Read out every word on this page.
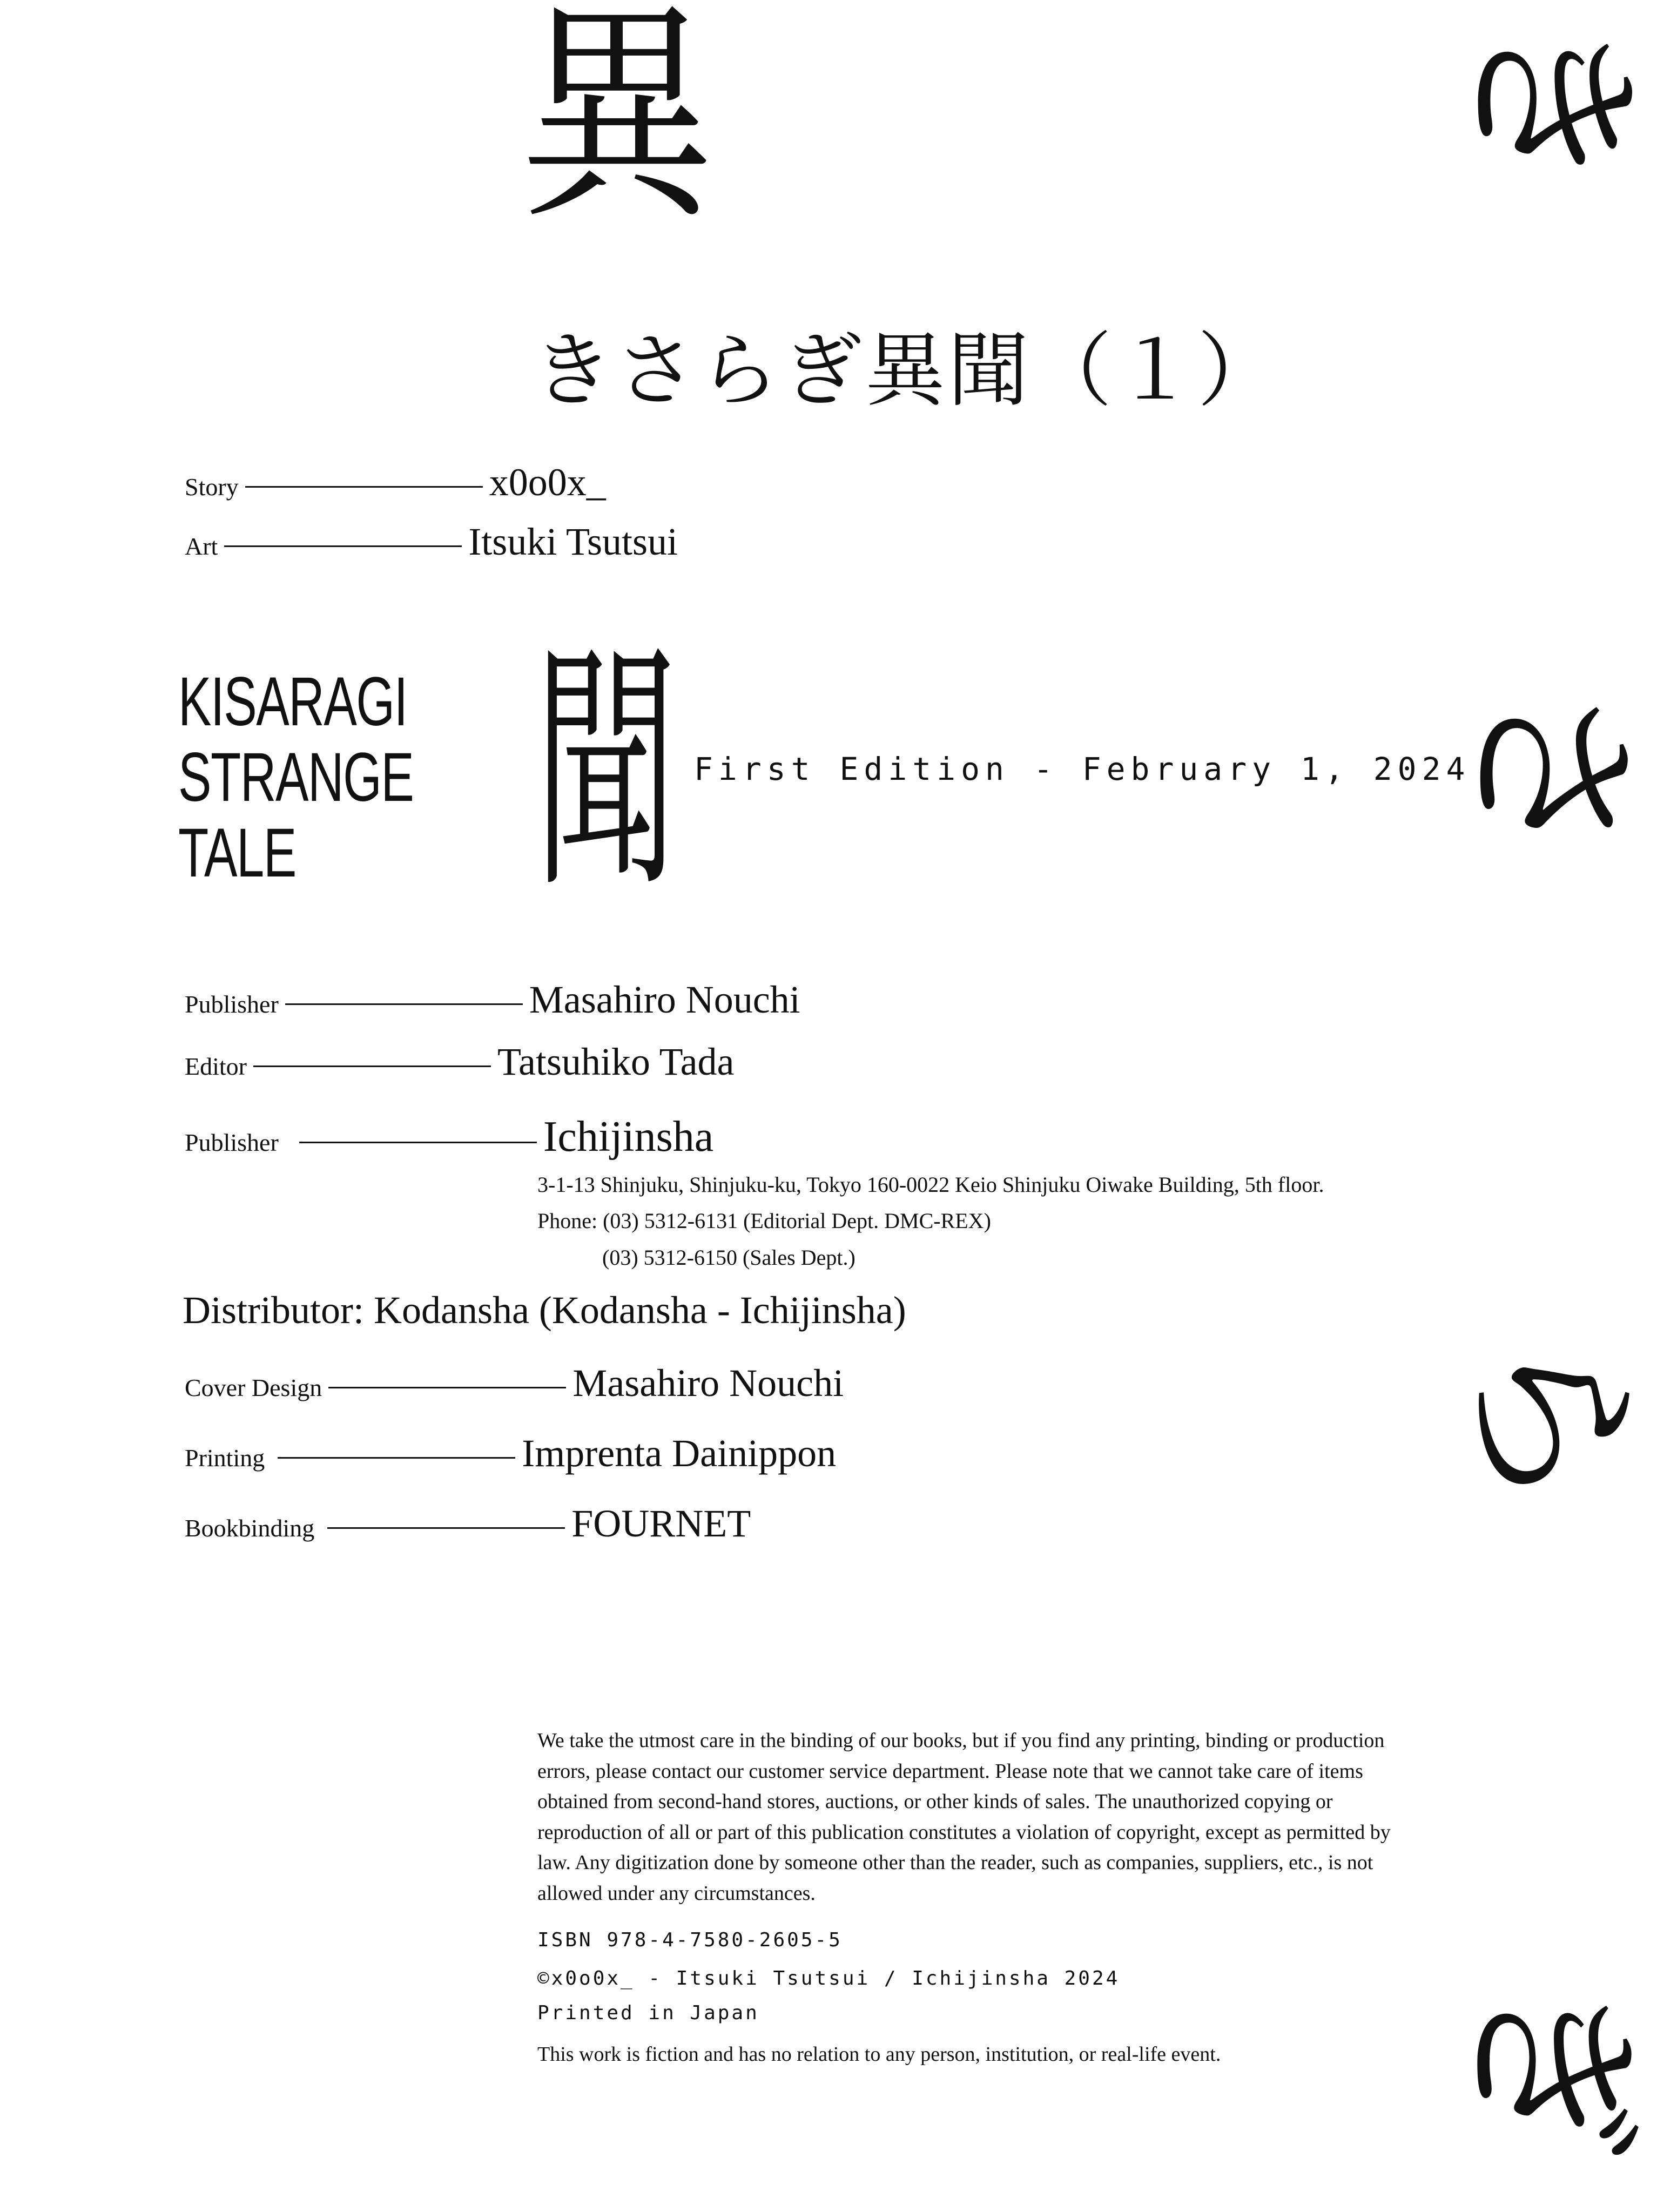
異
聞
き
さ
ら
ぎ
きさらぎ異聞（１）
Story	x0o0x_
Art	Itsuki Tsutsui
KISARAGI
STRANGE
TALE
First Edition - February 1, 2024
Publisher	Masahiro Nouchi
Editor	Tatsuhiko Tada
Publisher	Ichijinsha
3-1-13 Shinjuku, Shinjuku-ku, Tokyo 160-0022 Keio Shinjuku Oiwake Building, 5th floor.
Phone: (03) 5312-6131 (Editorial Dept. DMC-REX)
(03) 5312-6150 (Sales Dept.)
Distributor: Kodansha (Kodansha - Ichijinsha)
Cover Design	Masahiro Nouchi
Printing	Imprenta Dainippon
Bookbinding	FOURNET
We take the utmost care in the binding of our books, but if you find any printing, binding or production errors, please contact our customer service department. Please note that we cannot take care of items obtained from second-hand stores, auctions, or other kinds of sales. The unauthorized copying or reproduction of all or part of this publication constitutes a violation of copyright, except as permitted by law. Any digitization done by someone other than the reader, such as companies, suppliers, etc., is not allowed under any circumstances.
ISBN 978-4-7580-2605-5
©x0o0x_ - Itsuki Tsutsui / Ichijinsha 2024
Printed in Japan
This work is fiction and has no relation to any person, institution, or real-life event.
